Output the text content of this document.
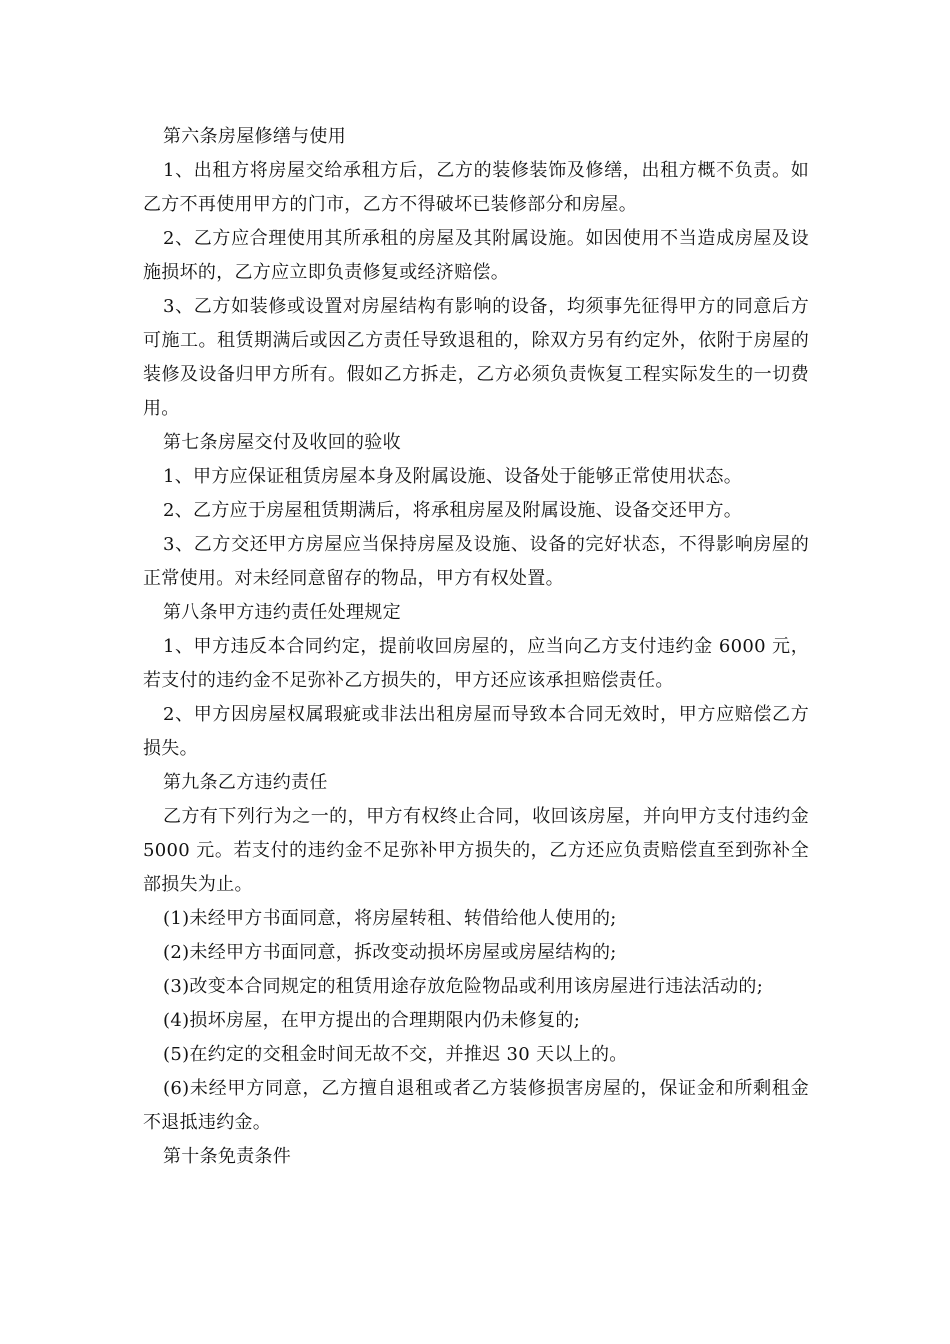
第六条房屋修缮与使用

1、出租方将房屋交给承租方后，乙方的装修装饰及修缮，出租方概不负责。如乙方不再使用甲方的门市，乙方不得破坏已装修部分和房屋。

2、乙方应合理使用其所承租的房屋及其附属设施。如因使用不当造成房屋及设施损坏的，乙方应立即负责修复或经济赔偿。

3、乙方如装修或设置对房屋结构有影响的设备，均须事先征得甲方的同意后方可施工。租赁期满后或因乙方责任导致退租的，除双方另有约定外，依附于房屋的装修及设备归甲方所有。假如乙方拆走，乙方必须负责恢复工程实际发生的一切费用。

第七条房屋交付及收回的验收

1、甲方应保证租赁房屋本身及附属设施、设备处于能够正常使用状态。

2、乙方应于房屋租赁期满后，将承租房屋及附属设施、设备交还甲方。

3、乙方交还甲方房屋应当保持房屋及设施、设备的完好状态，不得影响房屋的正常使用。对未经同意留存的物品，甲方有权处置。

第八条甲方违约责任处理规定

1、甲方违反本合同约定，提前收回房屋的，应当向乙方支付违约金 6000 元，若支付的违约金不足弥补乙方损失的，甲方还应该承担赔偿责任。

2、甲方因房屋权属瑕疵或非法出租房屋而导致本合同无效时，甲方应赔偿乙方损失。

第九条乙方违约责任

乙方有下列行为之一的，甲方有权终止合同，收回该房屋，并向甲方支付违约金 5000 元。若支付的违约金不足弥补甲方损失的，乙方还应负责赔偿直至到弥补全部损失为止。

(1)未经甲方书面同意，将房屋转租、转借给他人使用的;

(2)未经甲方书面同意，拆改变动损坏房屋或房屋结构的;

(3)改变本合同规定的租赁用途存放危险物品或利用该房屋进行违法活动的;

(4)损坏房屋，在甲方提出的合理期限内仍未修复的;

(5)在约定的交租金时间无故不交，并推迟 30 天以上的。

(6)未经甲方同意，乙方擅自退租或者乙方装修损害房屋的，保证金和所剩租金不退抵违约金。

第十条免责条件
